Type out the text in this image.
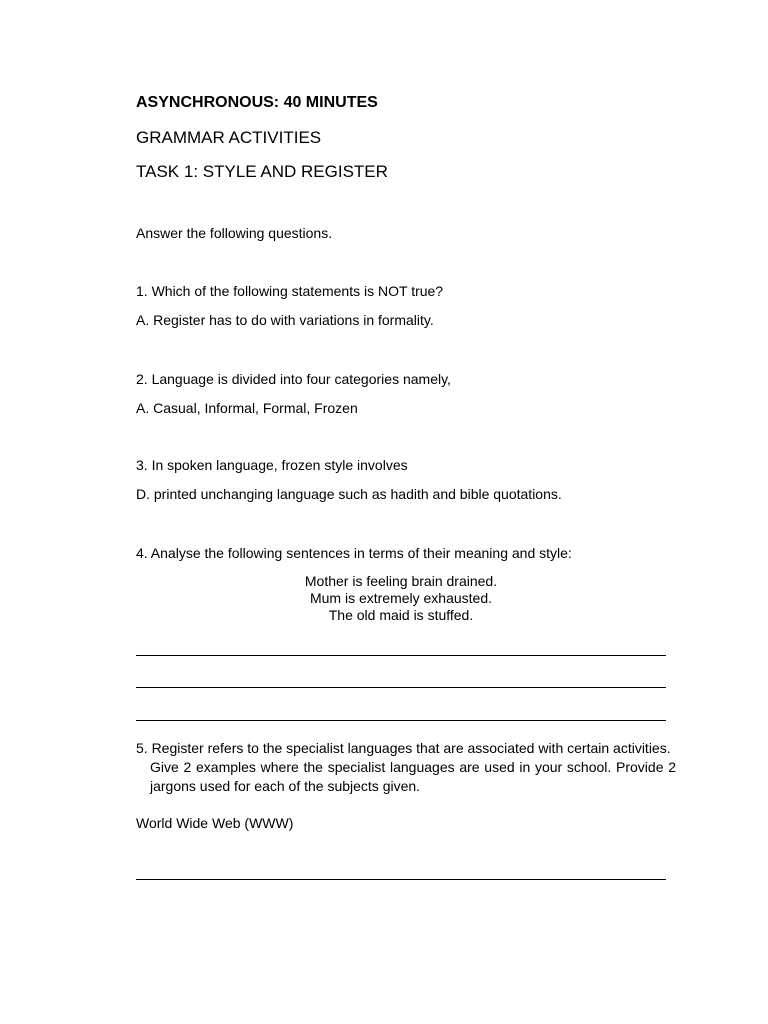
ASYNCHRONOUS: 40 MINUTES
GRAMMAR ACTIVITIES
TASK 1: STYLE AND REGISTER
Answer the following questions.
1. Which of the following statements is NOT true?
A. Register has to do with variations in formality.
2. Language is divided into four categories namely,
A. Casual, Informal, Formal, Frozen
3. In spoken language, frozen style involves
D. printed unchanging language such as hadith and bible quotations.
4. Analyse the following sentences in terms of their meaning and style:
Mother is feeling brain drained.
Mum is extremely exhausted.
The old maid is stuffed.
5. Register refers to the specialist languages that are associated with certain activities.
Give 2 examples where the specialist languages are used in your school. Provide 2 jargons used for each of the subjects given.
World Wide Web (WWW)
